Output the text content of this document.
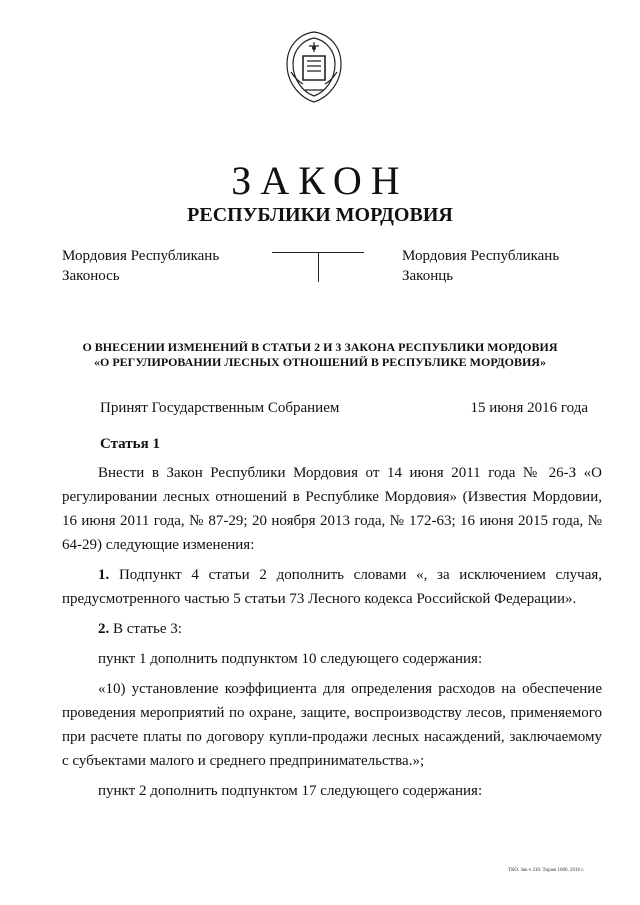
ЗАКОН
РЕСПУБЛИКИ МОРДОВИЯ
Мордовия Республикань
Законось
Мордовия Республикань
Законць
О ВНЕСЕНИИ ИЗМЕНЕНИЙ В СТАТЬИ 2 И 3 ЗАКОНА РЕСПУБЛИКИ МОРДОВИЯ
«О РЕГУЛИРОВАНИИ ЛЕСНЫХ ОТНОШЕНИЙ В РЕСПУБЛИКЕ МОРДОВИЯ»
Принят Государственным Собранием	15 июня 2016 года
Статья 1

Внести в Закон Республики Мордовия от 14 июня 2011 года № 26-З «О регулировании лесных отношений в Республике Мордовия» (Известия Мордовии, 16 июня 2011 года, № 87-29; 20 ноября 2013 года, № 172-63; 16 июня 2015 года, № 64-29) следующие изменения:

1. Подпункт 4 статьи 2 дополнить словами «, за исключением случая, предусмотренного частью 5 статьи 73 Лесного кодекса Российской Федерации».

2. В статье 3:

пункт 1 дополнить подпунктом 10 следующего содержания:

«10) установление коэффициента для определения расходов на обеспечение проведения мероприятий по охране, защите, воспроизводству лесов, применяемого при расчете платы по договору купли-продажи лесных насаждений, заключаемому с субъектами малого и среднего предпринимательства.»;

пункт 2 дополнить подпунктом 17 следующего содержания:

ТКО. Зак-з 210. Тираж 1000. 2016 г.
